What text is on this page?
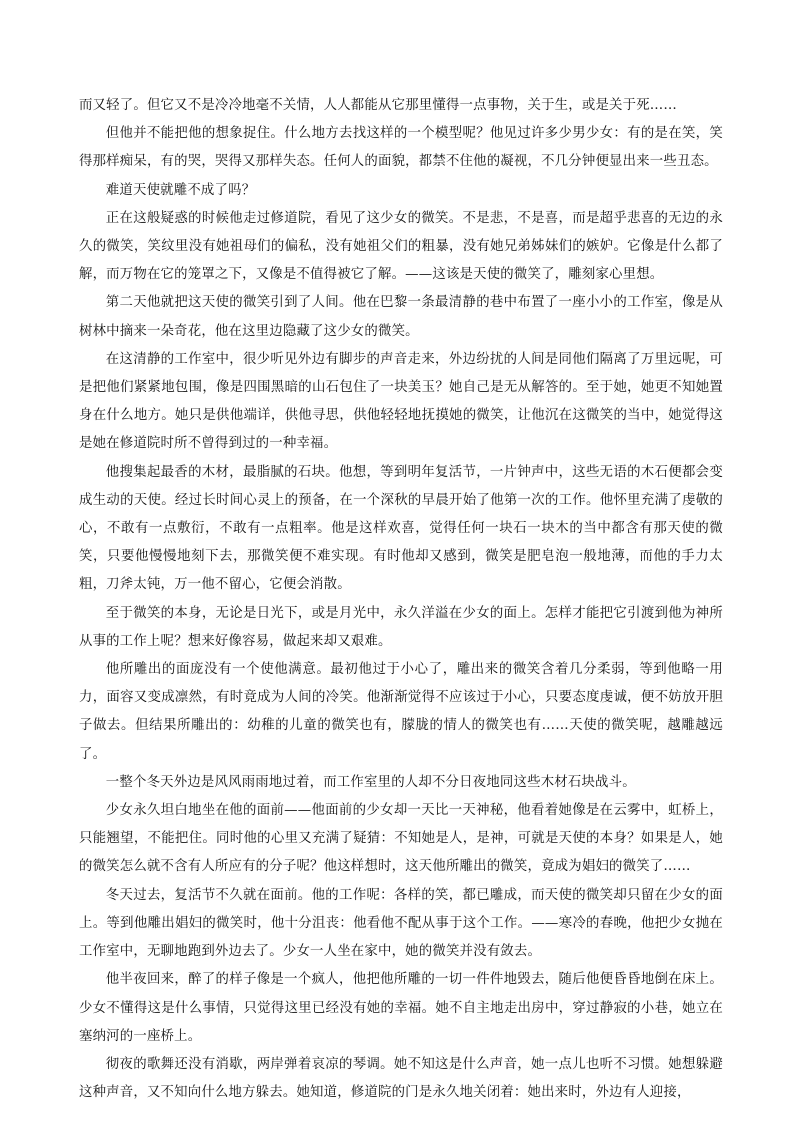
而又轻了。但它又不是冷冷地毫不关情，人人都能从它那里懂得一点事物，关于生，或是关于死……

但他并不能把他的想象捉住。什么地方去找这样的一个模型呢？他见过许多少男少女：有的是在笑，笑得那样痴呆，有的哭，哭得又那样失态。任何人的面貌，都禁不住他的凝视，不几分钟便显出来一些丑态。

难道天使就雕不成了吗？

正在这般疑惑的时候他走过修道院，看见了这少女的微笑。不是悲，不是喜，而是超乎悲喜的无边的永久的微笑，笑纹里没有她祖母们的偏私，没有她祖父们的粗暴，没有她兄弟姊妹们的嫉妒。它像是什么都了解，而万物在它的笼罩之下，又像是不值得被它了解。——这该是天使的微笑了，雕刻家心里想。

第二天他就把这天使的微笑引到了人间。他在巴黎一条最清静的巷中布置了一座小小的工作室，像是从树林中摘来一朵奇花，他在这里边隐藏了这少女的微笑。

在这清静的工作室中，很少听见外边有脚步的声音走来，外边纷扰的人间是同他们隔离了万里远呢，可是把他们紧紧地包围，像是四围黑暗的山石包住了一块美玉？她自己是无从解答的。至于她，她更不知她置身在什么地方。她只是供他端详，供他寻思，供他轻轻地抚摸她的微笑，让他沉在这微笑的当中，她觉得这是她在修道院时所不曾得到过的一种幸福。

他搜集起最香的木材，最脂腻的石块。他想，等到明年复活节，一片钟声中，这些无语的木石便都会变成生动的天使。经过长时间心灵上的预备，在一个深秋的早晨开始了他第一次的工作。他怀里充满了虔敬的心，不敢有一点敷衍，不敢有一点粗率。他是这样欢喜，觉得任何一块石一块木的当中都含有那天使的微笑，只要他慢慢地刻下去，那微笑便不难实现。有时他却又感到，微笑是肥皂泡一般地薄，而他的手力太粗，刀斧太钝，万一他不留心，它便会消散。

至于微笑的本身，无论是日光下，或是月光中，永久洋溢在少女的面上。怎样才能把它引渡到他为神所从事的工作上呢？想来好像容易，做起来却又艰难。

他所雕出的面庞没有一个使他满意。最初他过于小心了，雕出来的微笑含着几分柔弱，等到他略一用力，面容又变成凛然，有时竟成为人间的冷笑。他渐渐觉得不应该过于小心，只要态度虔诚，便不妨放开胆子做去。但结果所雕出的：幼稚的儿童的微笑也有，朦胧的情人的微笑也有……天使的微笑呢，越雕越远了。

一整个冬天外边是风风雨雨地过着，而工作室里的人却不分日夜地同这些木材石块战斗。

少女永久坦白地坐在他的面前——他面前的少女却一天比一天神秘，他看着她像是在云雾中，虹桥上，只能翘望，不能把住。同时他的心里又充满了疑猜：不知她是人，是神，可就是天使的本身？如果是人，她的微笑怎么就不含有人所应有的分子呢？他这样想时，这天他所雕出的微笑，竟成为娼妇的微笑了……

冬天过去，复活节不久就在面前。他的工作呢：各样的笑，都已雕成，而天使的微笑却只留在少女的面上。等到他雕出娼妇的微笑时，他十分沮丧：他看他不配从事于这个工作。——寒冷的春晚，他把少女抛在工作室中，无聊地跑到外边去了。少女一人坐在家中，她的微笑并没有敛去。

他半夜回来，醉了的样子像是一个疯人，他把他所雕的一切一件件地毁去，随后他便昏昏地倒在床上。少女不懂得这是什么事情，只觉得这里已经没有她的幸福。她不自主地走出房中，穿过静寂的小巷，她立在塞纳河的一座桥上。

彻夜的歌舞还没有消歇，两岸弹着哀凉的琴调。她不知这是什么声音，她一点儿也听不习惯。她想躲避这种声音，又不知向什么地方躲去。她知道，修道院的门是永久地关闭着：她出来时，外边有人迎接，
